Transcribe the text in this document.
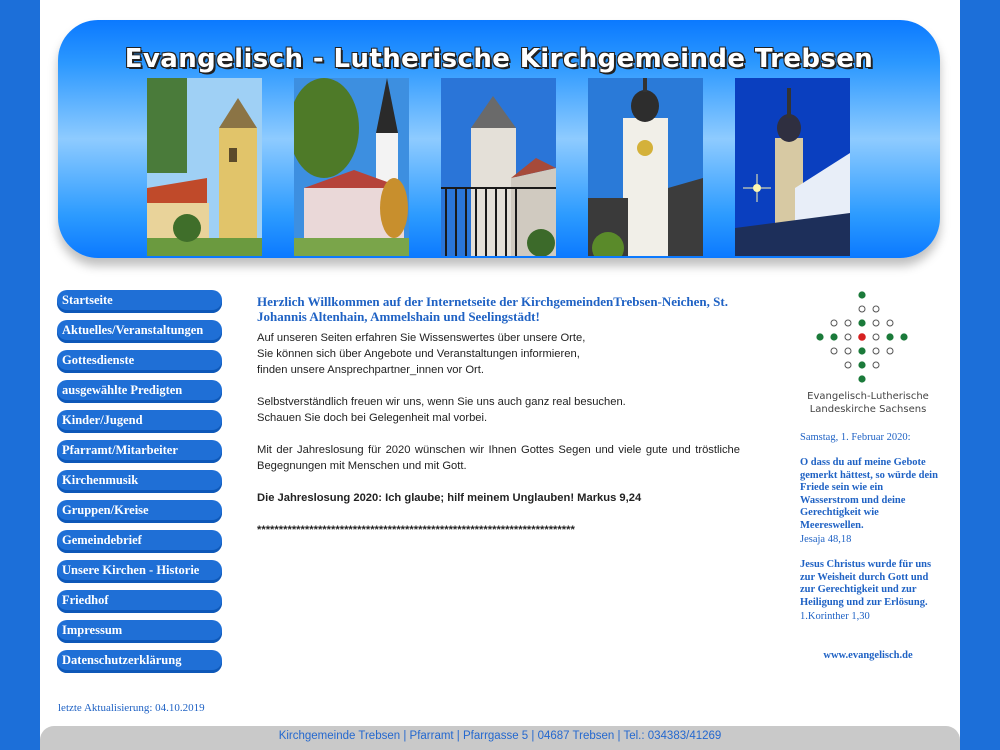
Evangelisch - Lutherische Kirchgemeinde Trebsen
Startseite
Aktuelles/Veranstaltungen
Gottesdienste
ausgewählte Predigten
Kinder/Jugend
Pfarramt/Mitarbeiter
Kirchenmusik
Gruppen/Kreise
Gemeindebrief
Unsere Kirchen - Historie
Friedhof
Impressum
Datenschutzerklärung
letzte Aktualisierung: 04.10.2019
Herzlich Willkommen auf der Internetseite der KirchgemeindenTrebsen-Neichen, St. Johannis Altenhain, Ammelshain und Seelingstädt!

Auf unseren Seiten erfahren Sie Wissenswertes über unsere Orte,
Sie können sich über Angebote und Veranstaltungen informieren,
finden unsere Ansprechpartner_innen vor Ort.

Selbstverständlich freuen wir uns, wenn Sie uns auch ganz real besuchen.
Schauen Sie doch bei Gelegenheit mal vorbei.

Mit der Jahreslosung für 2020 wünschen wir Ihnen Gottes Segen und viele gute und tröstliche Begegnungen mit Menschen und mit Gott.

Die Jahreslosung 2020: Ich glaube; hilf meinem Unglauben! Markus 9,24

*************************************************************************

Evangelisch-Lutherische
Landeskirche Sachsens
Samstag, 1. Februar 2020:
O dass du auf meine Gebote gemerkt hättest, so würde dein Friede sein wie ein Wasserstrom und deine Gerechtigkeit wie Meereswellen.
Jesaja 48,18
Jesus Christus wurde für uns zur Weisheit durch Gott und zur Gerechtigkeit und zur Heiligung und zur Erlösung.
1.Korinther 1,30
www.evangelisch.de
Kirchgemeinde Trebsen | Pfarramt | Pfarrgasse 5 | 04687 Trebsen | Tel.: 034383/41269
